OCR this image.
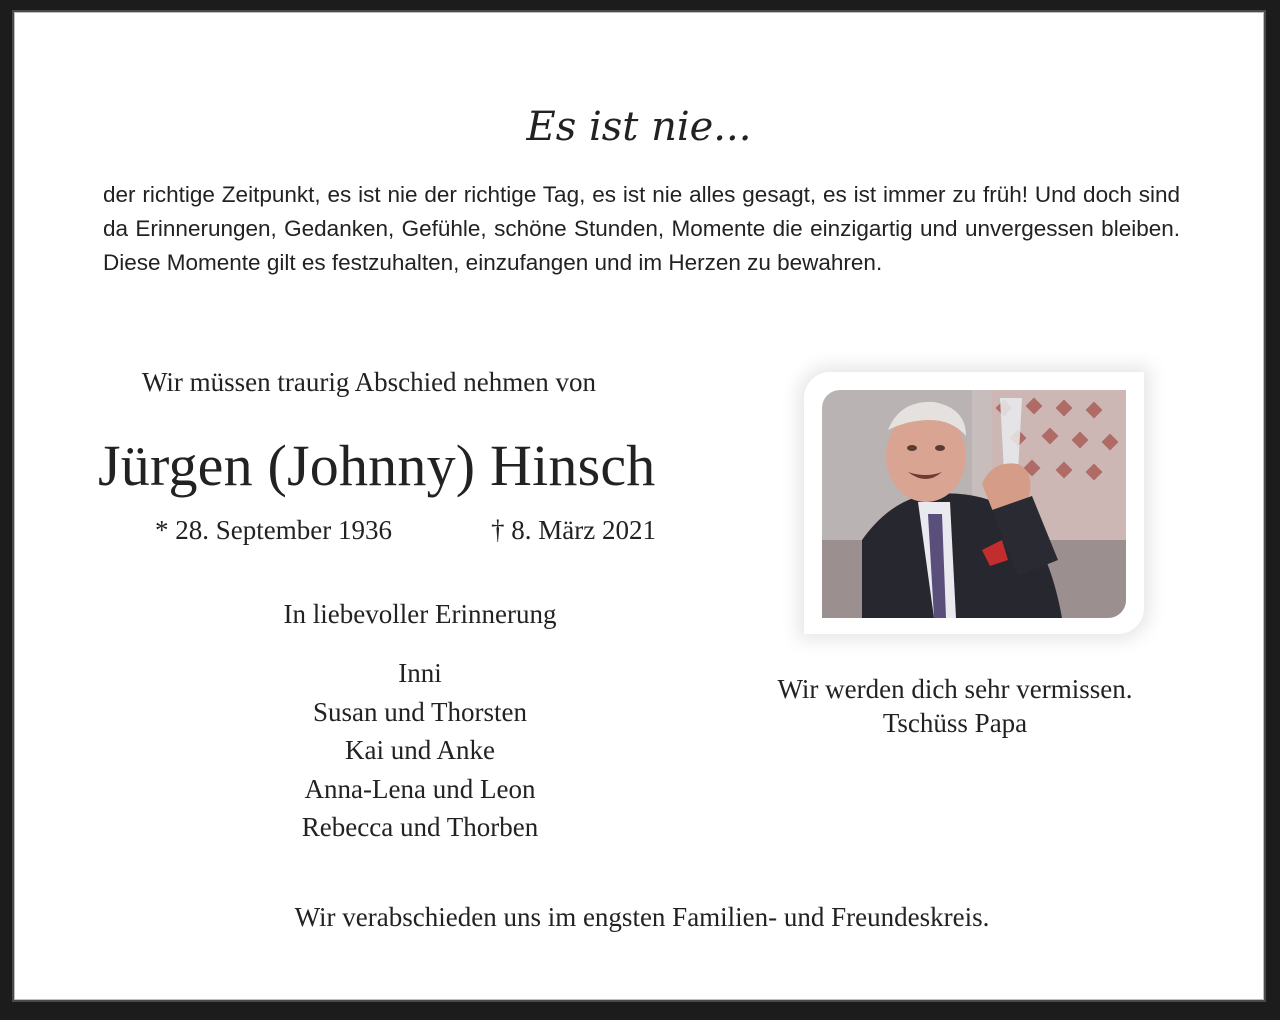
Es ist nie...
der richtige Zeitpunkt, es ist nie der richtige Tag, es ist nie alles gesagt, es ist immer zu früh! Und doch sind da Erinnerungen, Gedanken, Gefühle, schöne Stunden, Momente die einzigartig und unvergessen bleiben. Diese Momente gilt es festzuhalten, einzufangen und im Herzen zu bewahren.
Wir müssen traurig Abschied nehmen von
Jürgen (Johnny) Hinsch
* 28. September 1936	† 8. März 2021
In liebevoller Erinnerung
Inni
Susan und Thorsten
Kai und Anke
Anna-Lena und Leon
Rebecca und Thorben
Wir werden dich sehr vermissen.
Tschüss Papa
Wir verabschieden uns im engsten Familien- und Freundeskreis.
